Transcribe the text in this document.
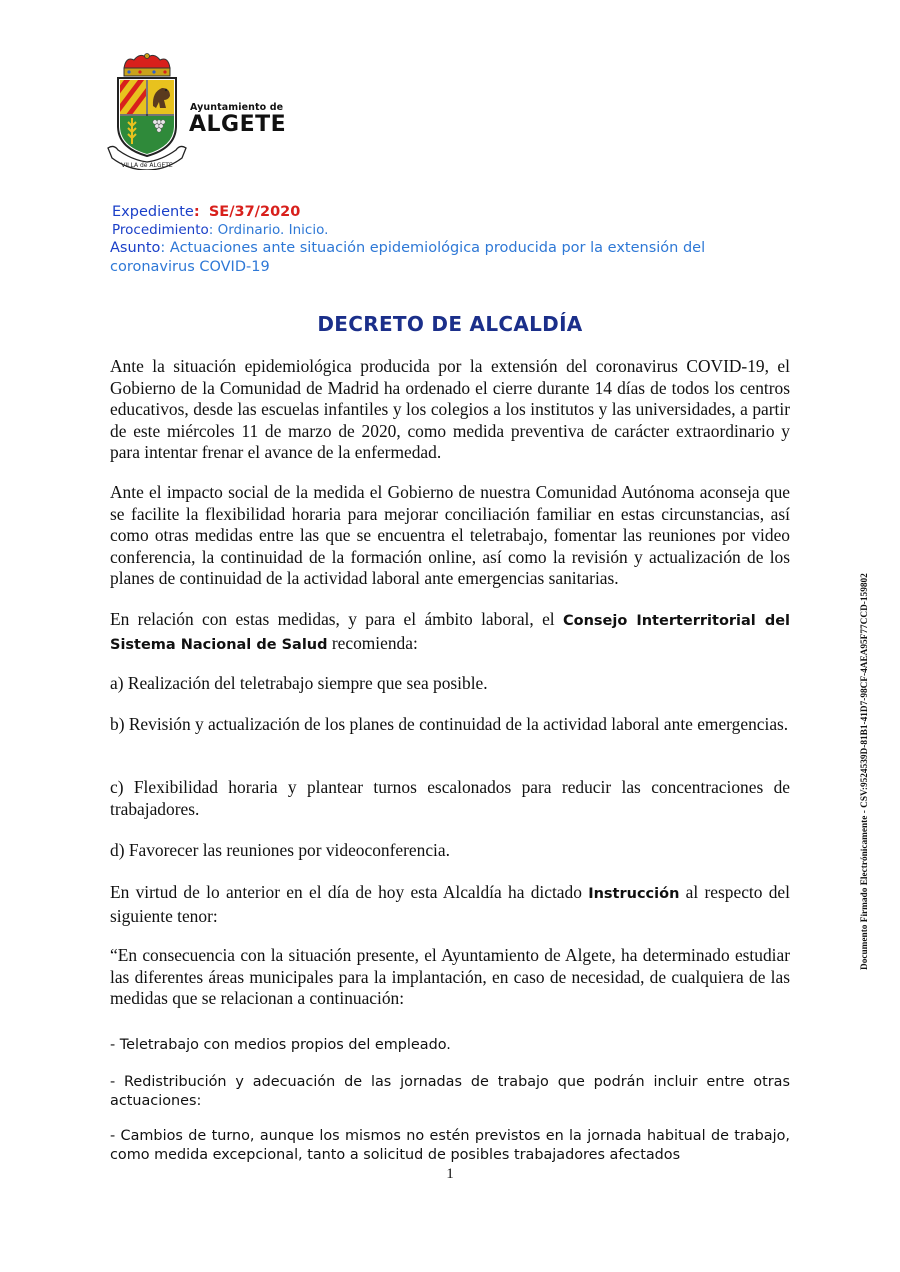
VILLA de ALGETE
Ayuntamiento de
ALGETE
Expediente: SE/37/2020
Procedimiento: Ordinario. Inicio.
Asunto: Actuaciones ante situación epidemiológica producida por la extensión del coronavirus COVID-19
DECRETO DE ALCALDÍA
Ante la situación epidemiológica producida por la extensión del coronavirus COVID-19, el Gobierno de la Comunidad de Madrid ha ordenado el cierre durante 14 días de todos los centros educativos, desde las escuelas infantiles y los colegios a los institutos y las universidades, a partir de este miércoles 11 de marzo de 2020, como medida preventiva de carácter extraordinario y para intentar frenar el avance de la enfermedad.
Ante el impacto social de la medida el Gobierno de nuestra Comunidad Autónoma aconseja que se facilite la flexibilidad horaria para mejorar conciliación familiar en estas circunstancias, así como otras medidas entre las que se encuentra el teletrabajo, fomentar las reuniones por video conferencia, la continuidad de la formación online, así como la revisión y actualización de los planes de continuidad de la actividad laboral ante emergencias sanitarias.
En relación con estas medidas, y para el ámbito laboral, el Consejo Interterritorial del Sistema Nacional de Salud recomienda:
a) Realización del teletrabajo siempre que sea posible.
b) Revisión y actualización de los planes de continuidad de la actividad laboral ante emergencias.
c) Flexibilidad horaria y plantear turnos escalonados para reducir las concentraciones de trabajadores.
d) Favorecer las reuniones por videoconferencia.
En virtud de lo anterior en el día de hoy esta Alcaldía ha dictado Instrucción al respecto del siguiente tenor:
“En consecuencia con la situación presente, el Ayuntamiento de Algete, ha determinado estudiar las diferentes áreas municipales para la implantación, en caso de necesidad, de cualquiera de las medidas que se relacionan a continuación:
- Teletrabajo con medios propios del empleado.
- Redistribución y adecuación de las jornadas de trabajo que podrán incluir entre otras actuaciones:
- Cambios de turno, aunque los mismos no estén previstos en la jornada habitual de trabajo, como medida excepcional, tanto a solicitud de posibles trabajadores afectados
1
Documento Firmado Electrónicamente - CSV:9524539D-81B1-41D7-98CF-4AEA95F77CCD-159802
